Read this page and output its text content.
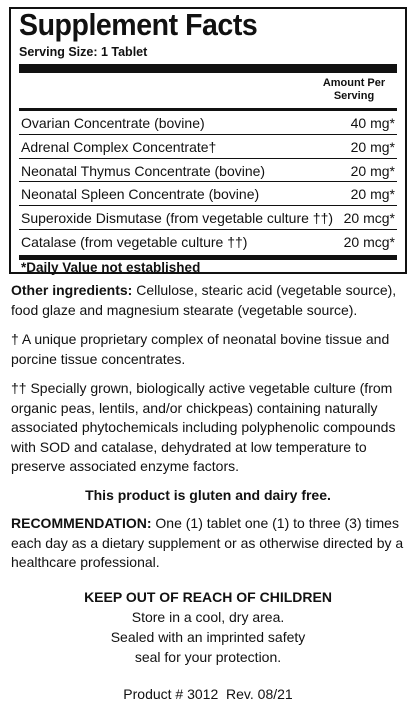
Supplement Facts
Serving Size: 1 Tablet
Amount Per Serving
Ovarian Concentrate (bovine)	40 mg*
Adrenal Complex Concentrate†	20 mg*
Neonatal Thymus Concentrate (bovine)	20 mg*
Neonatal Spleen Concentrate (bovine)	20 mg*
Superoxide Dismutase (from vegetable culture ††) 20 mcg*
Catalase (from vegetable culture ††)	20 mcg*
*Daily Value not established
Other ingredients: Cellulose, stearic acid (vegetable source), food glaze and magnesium stearate (vegetable source).
† A unique proprietary complex of neonatal bovine tissue and porcine tissue concentrates.
†† Specially grown, biologically active vegetable culture (from organic peas, lentils, and/or chickpeas) containing naturally associated phytochemicals including polyphenolic compounds with SOD and catalase, dehydrated at low temperature to preserve associated enzyme factors.
This product is gluten and dairy free.
RECOMMENDATION: One (1) tablet one (1) to three (3) times each day as a dietary supplement or as otherwise directed by a healthcare professional.
KEEP OUT OF REACH OF CHILDREN
Store in a cool, dry area.
Sealed with an imprinted safety
seal for your protection.
Product # 3012  Rev. 08/21
